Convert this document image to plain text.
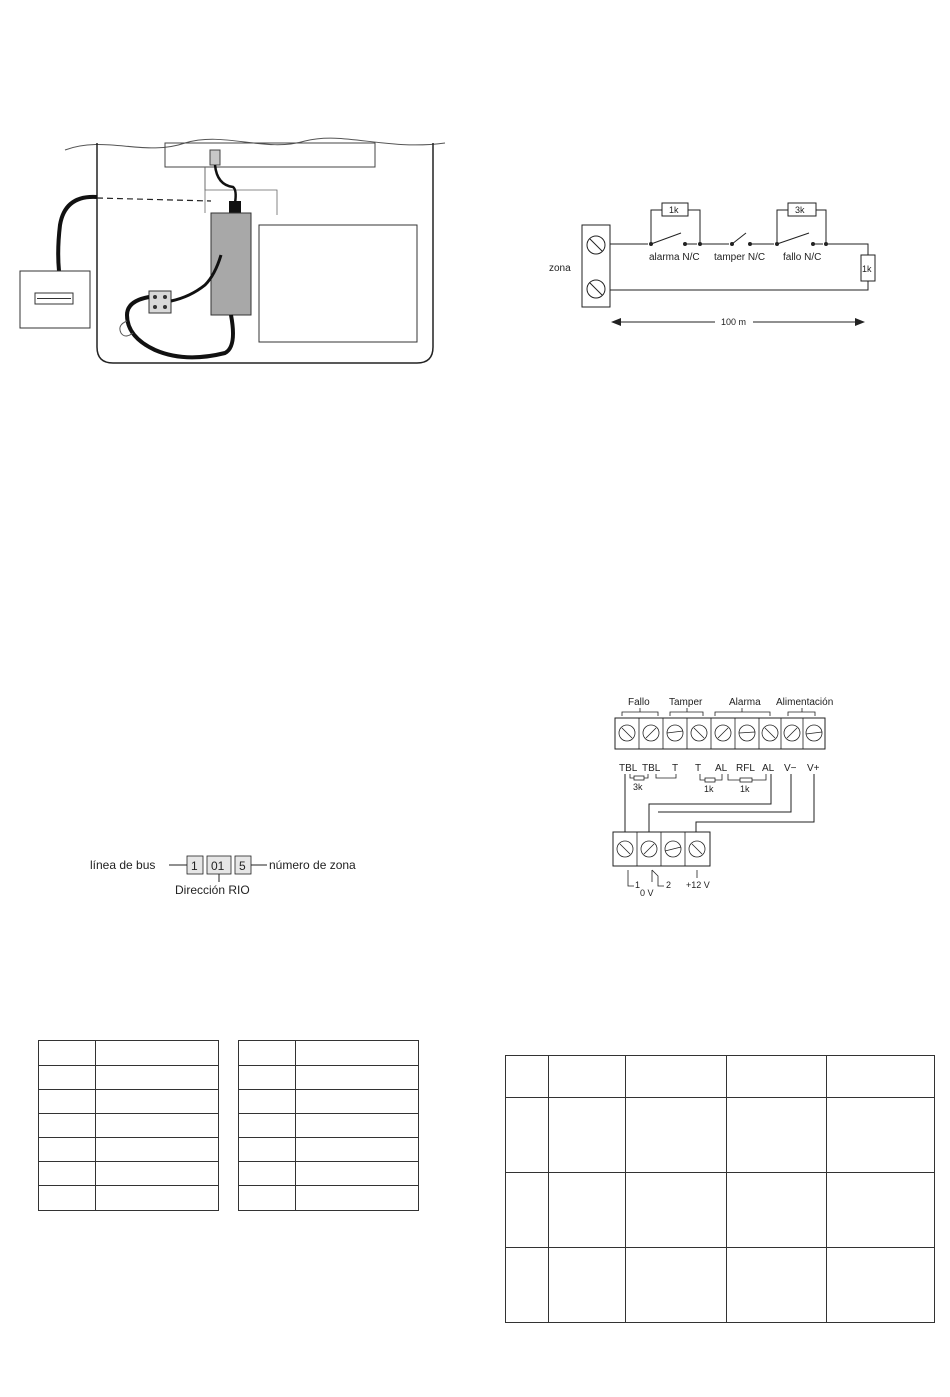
zona
1k	3k
1k
alarma N/C tamper N/C fallo N/C
100 m
línea de bus	1 01 5 número de zona
Dirección RIO
Fallo Tamper	Alarma Alimentación
TBL TBL T T AL RFL AL V− V+
3k	1k	1k
1
0 V
2 +12 V
